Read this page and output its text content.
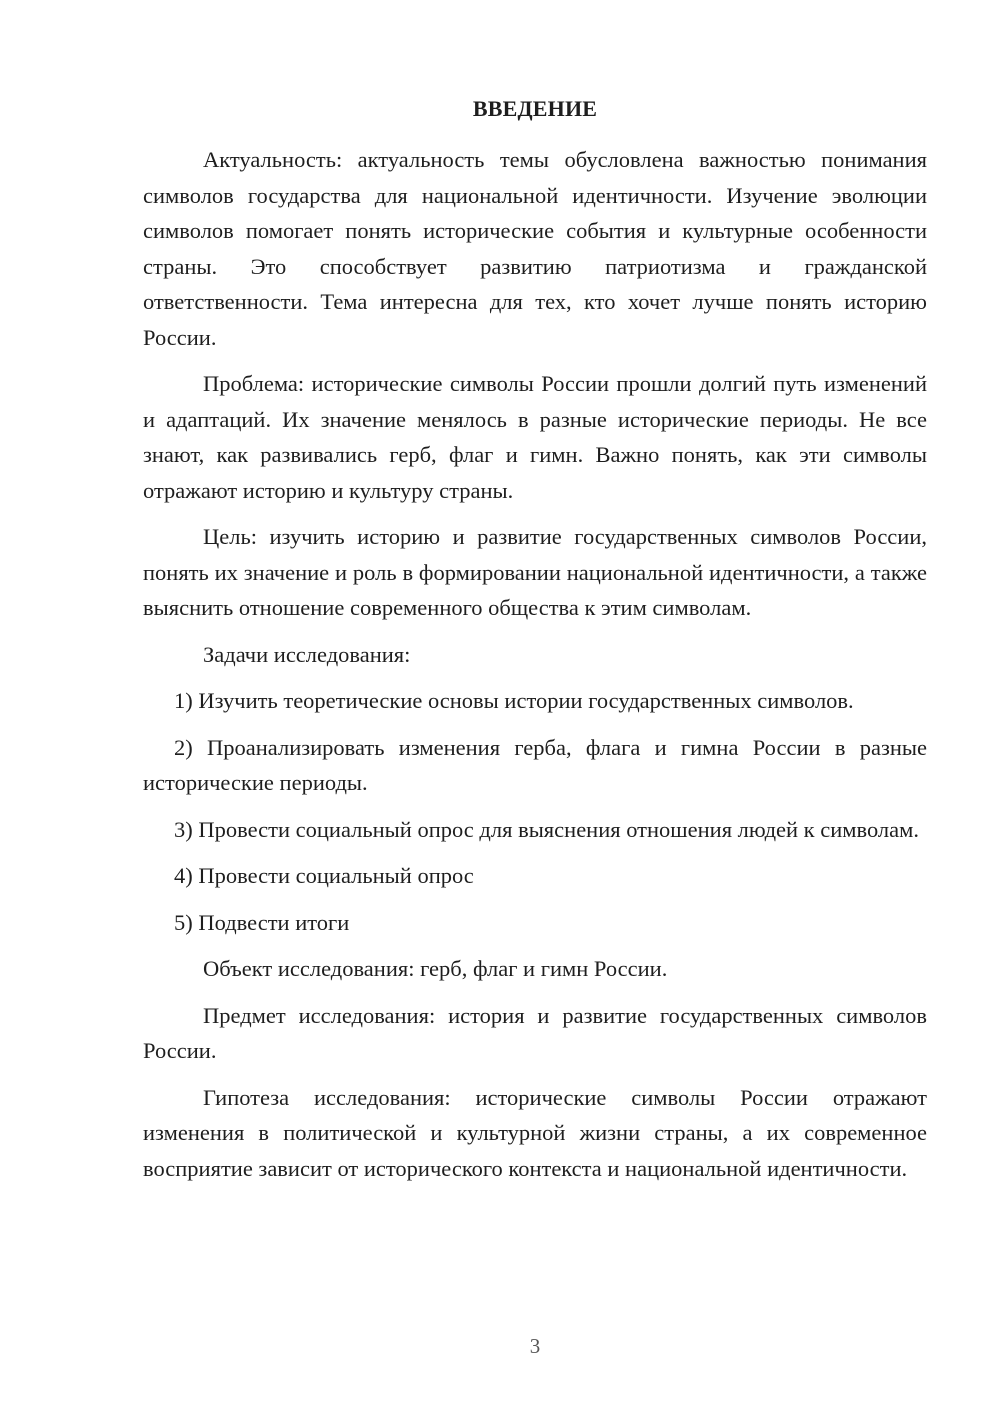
ВВЕДЕНИЕ

Актуальность: актуальность темы обусловлена важностью понимания символов государства для национальной идентичности. Изучение эволюции символов помогает понять исторические события и культурные особенности страны. Это способствует развитию патриотизма и гражданской ответственности. Тема интересна для тех, кто хочет лучше понять историю России.

Проблема: исторические символы России прошли долгий путь изменений и адаптаций. Их значение менялось в разные исторические периоды. Не все знают, как развивались герб, флаг и гимн. Важно понять, как эти символы отражают историю и культуру страны.

Цель: изучить историю и развитие государственных символов России, понять их значение и роль в формировании национальной идентичности, а также выяснить отношение современного общества к этим символам.

Задачи исследования:

1) Изучить теоретические основы истории государственных символов.

2) Проанализировать изменения герба, флага и гимна России в разные исторические периоды.

3) Провести социальный опрос для выяснения отношения людей к символам.

4) Провести социальный опрос

5) Подвести итоги

Объект исследования: герб, флаг и гимн России.

Предмет исследования: история и развитие государственных символов России.

Гипотеза исследования: исторические символы России отражают изменения в политической и культурной жизни страны, а их современное восприятие зависит от исторического контекста и национальной идентичности.

3
